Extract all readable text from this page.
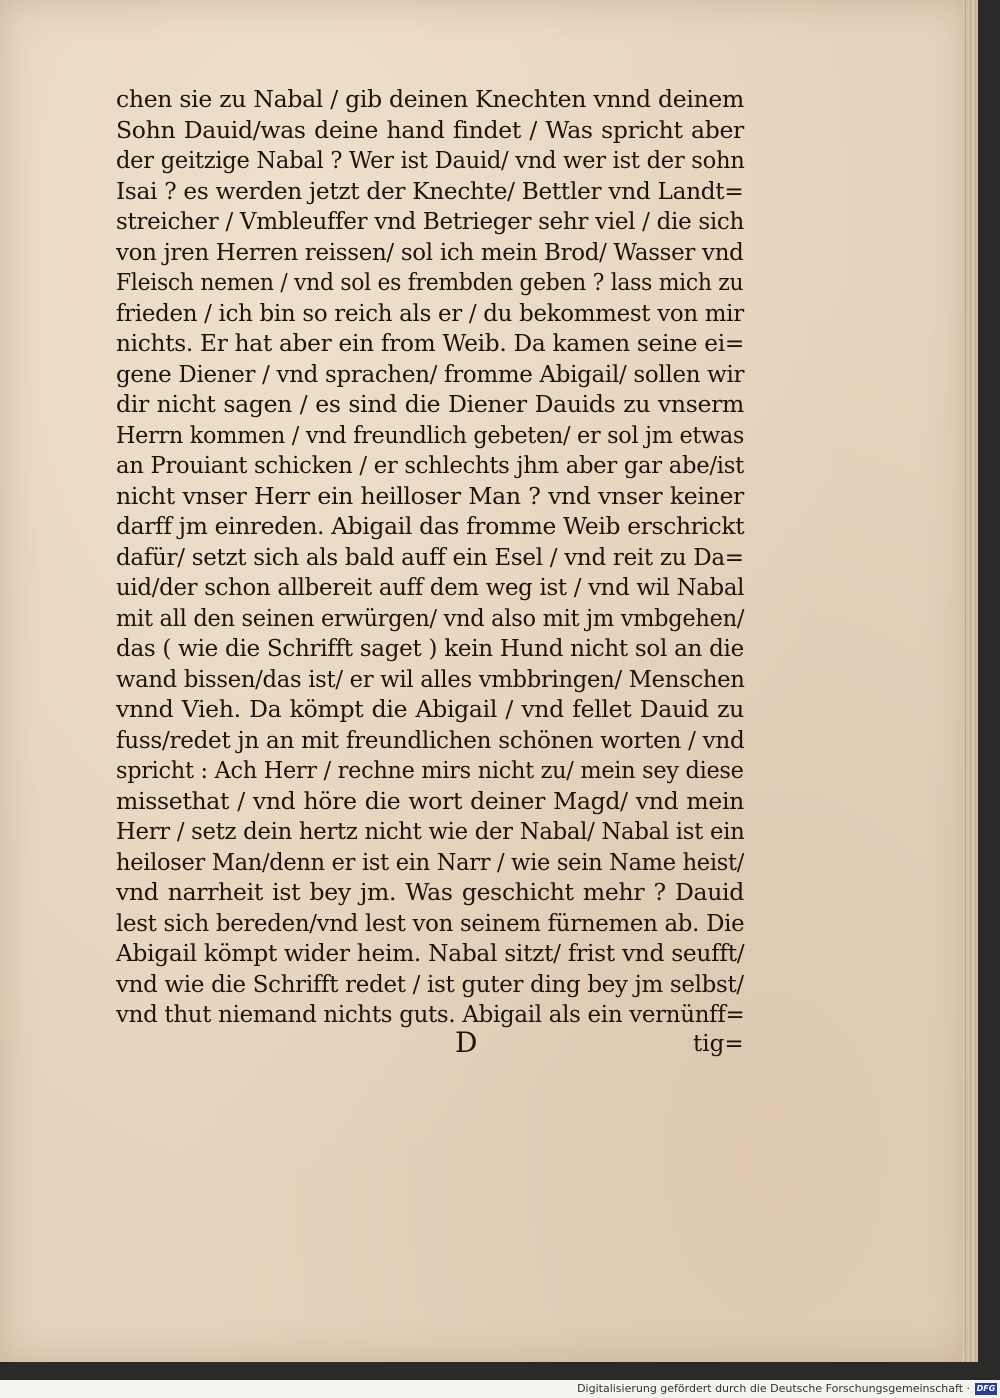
chen sie zu Nabal / gib deinen Knechten vnnd deinem
Sohn Dauid/was deine hand findet / Was spricht aber
der geitzige Nabal ? Wer ist Dauid/ vnd wer ist der sohn
Isai ? es werden jetzt der Knechte/ Bettler vnd Landt=
streicher / Vmbleuffer vnd Betrieger sehr viel / die sich
von jren Herren reissen/ sol ich mein Brod/ Wasser vnd
Fleisch nemen / vnd sol es frembden geben ? lass mich zu
frieden / ich bin so reich als er / du bekommest von mir
nichts. Er hat aber ein from Weib. Da kamen seine ei=
gene Diener / vnd sprachen/ fromme Abigail/ sollen wir
dir nicht sagen / es sind die Diener Dauids zu vnserm
Herrn kommen / vnd freundlich gebeten/ er sol jm etwas
an Prouiant schicken / er schlechts jhm aber gar abe/ist
nicht vnser Herr ein heilloser Man ? vnd vnser keiner
darff jm einreden. Abigail das fromme Weib erschrickt
dafür/ setzt sich als bald auff ein Esel / vnd reit zu Da=
uid/der schon allbereit auff dem weg ist / vnd wil Nabal
mit all den seinen erwürgen/ vnd also mit jm vmbgehen/
das ( wie die Schrifft saget ) kein Hund nicht sol an die
wand bissen/das ist/ er wil alles vmbbringen/ Menschen
vnnd Vieh. Da kömpt die Abigail / vnd fellet Dauid zu
fuss/redet jn an mit freundlichen schönen worten / vnd
spricht : Ach Herr / rechne mirs nicht zu/ mein sey diese
missethat / vnd höre die wort deiner Magd/ vnd mein
Herr / setz dein hertz nicht wie der Nabal/ Nabal ist ein
heiloser Man/denn er ist ein Narr / wie sein Name heist/
vnd narrheit ist bey jm. Was geschicht mehr ? Dauid
lest sich bereden/vnd lest von seinem fürnemen ab. Die
Abigail kömpt wider heim. Nabal sitzt/ frist vnd seufft/
vnd wie die Schrifft redet / ist guter ding bey jm selbst/
vnd thut niemand nichts guts. Abigail als ein vernünff=
D	tig=
Digitalisierung gefördert durch die Deutsche Forschungsgemeinschaft · DFG
